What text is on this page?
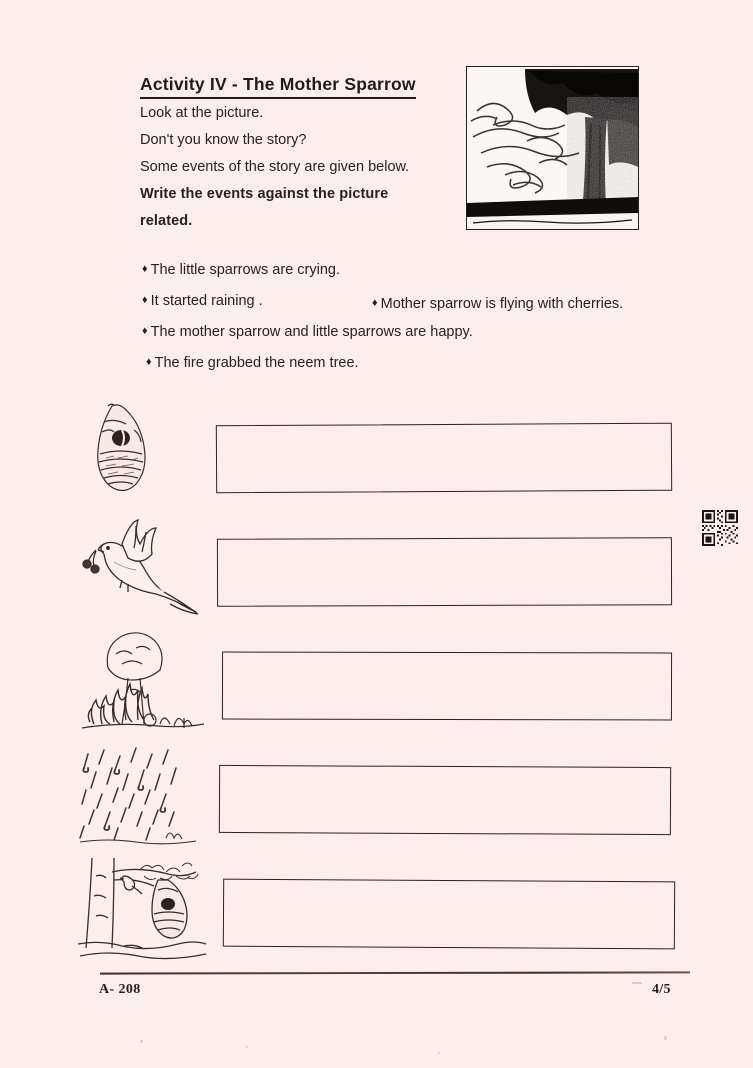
Activity IV - The Mother Sparrow
Look at the picture.
Don't you know the story?
Some events of the story are given below.
Write the events against the picture
related.
♦ The little sparrows are crying.
♦ It started raining .	♦ Mother sparrow is flying with cherries.
♦ The mother sparrow and little sparrows are happy.
♦ The fire grabbed the neem tree.
A- 208	4/5
